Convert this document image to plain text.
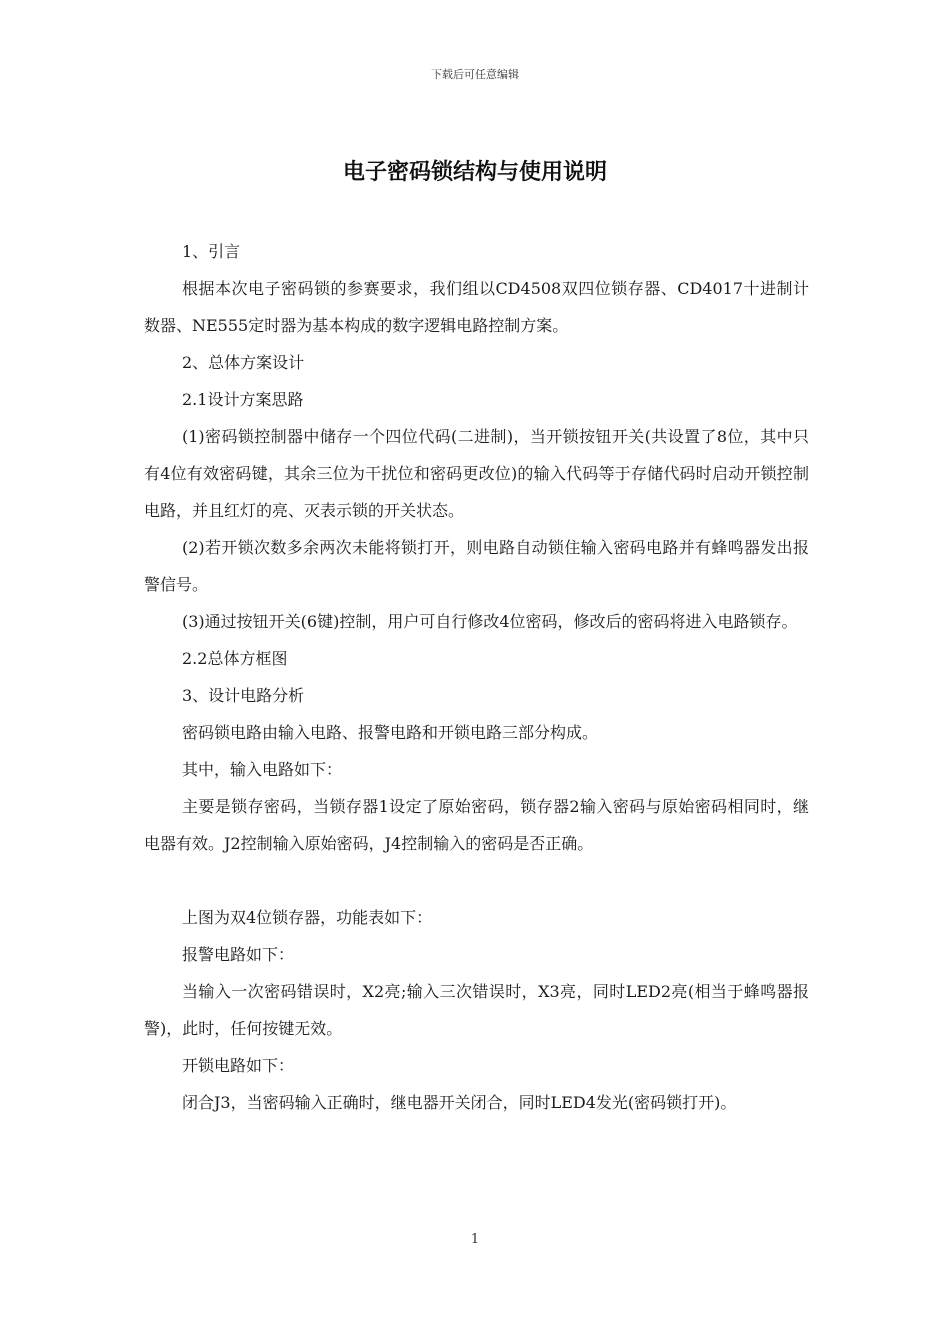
下载后可任意编辑
电子密码锁结构与使用说明

1、引言

根据本次电子密码锁的参赛要求，我们组以CD4508双四位锁存器、CD4017十进制计数器、NE555定时器为基本构成的数字逻辑电路控制方案。

2、总体方案设计

2.1设计方案思路

(1)密码锁控制器中储存一个四位代码(二进制)，当开锁按钮开关(共设置了8位，其中只有4位有效密码键，其余三位为干扰位和密码更改位)的输入代码等于存储代码时启动开锁控制电路，并且红灯的亮、灭表示锁的开关状态。

(2)若开锁次数多余两次未能将锁打开，则电路自动锁住输入密码电路并有蜂鸣器发出报警信号。

(3)通过按钮开关(6键)控制，用户可自行修改4位密码，修改后的密码将进入电路锁存。

2.2总体方框图

3、设计电路分析

密码锁电路由输入电路、报警电路和开锁电路三部分构成。

其中，输入电路如下：

主要是锁存密码，当锁存器1设定了原始密码，锁存器2输入密码与原始密码相同时，继电器有效。J2控制输入原始密码，J4控制输入的密码是否正确。

上图为双4位锁存器，功能表如下：

报警电路如下：

当输入一次密码错误时，X2亮;输入三次错误时，X3亮，同时LED2亮(相当于蜂鸣器报警)，此时，任何按键无效。

开锁电路如下：

闭合J3，当密码输入正确时，继电器开关闭合，同时LED4发光(密码锁打开)。

1
